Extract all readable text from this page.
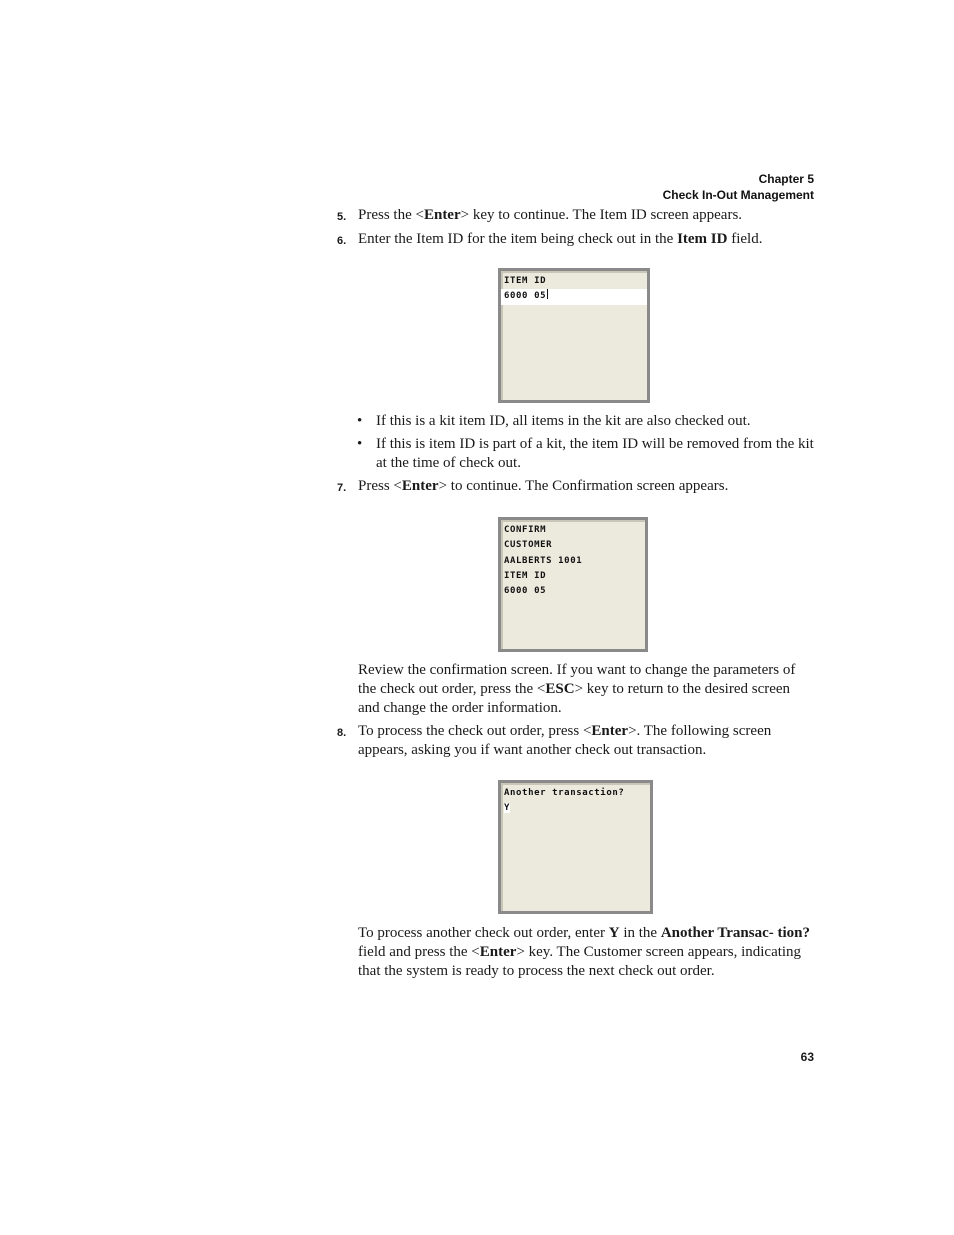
Chapter 5
Check In-Out Management
5. Press the <Enter> key to continue. The Item ID screen appears.
6. Enter the Item ID for the item being check out in the Item ID field.
ITEM ID
6000 05
• If this is a kit item ID, all items in the kit are also checked out.
• If this is item ID is part of a kit, the item ID will be removed from the kit at the time of check out.
7. Press <Enter> to continue. The Confirmation screen appears.
CONFIRM
CUSTOMER
AALBERTS 1001
ITEM ID
6000 05
Review the confirmation screen. If you want to change the parameters of the check out order, press the <ESC> key to return to the desired screen and change the order information.
8. To process the check out order, press <Enter>. The following screen appears, asking you if want another check out transaction.
Another transaction?
Y
To process another check out order, enter Y in the Another Transac- tion? field and press the <Enter> key. The Customer screen appears, indicating that the system is ready to process the next check out order.
63
